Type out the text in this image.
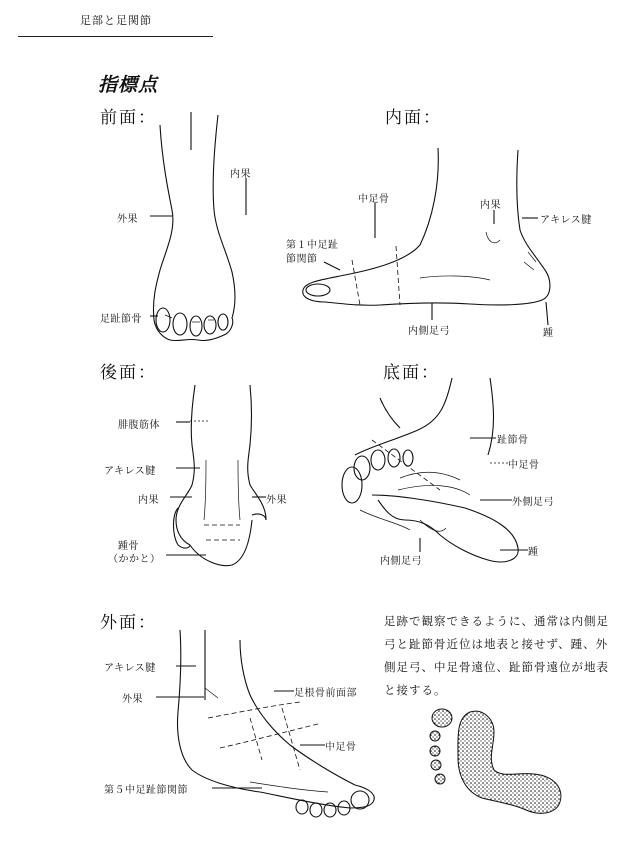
足部と足関節
指標点
前面：	内面：
後面：	底面：
外面：
内果
外果
足趾節骨
中足骨
第１中足趾
節関節
内果
アキレス腱
内側足弓	踵
腓腹筋体
アキレス腱
内果	外果
踵骨
（かかと）
趾節骨
中足骨
外側足弓
内側足弓
踵
アキレス腱
外果
足根骨前面部
中足骨
第５中足趾節関節
足跡で観察できるように、通常は内側足弓と趾節骨近位は地表と接せず、踵、外側足弓、中足骨遠位、趾節骨遠位が地表と接する。
